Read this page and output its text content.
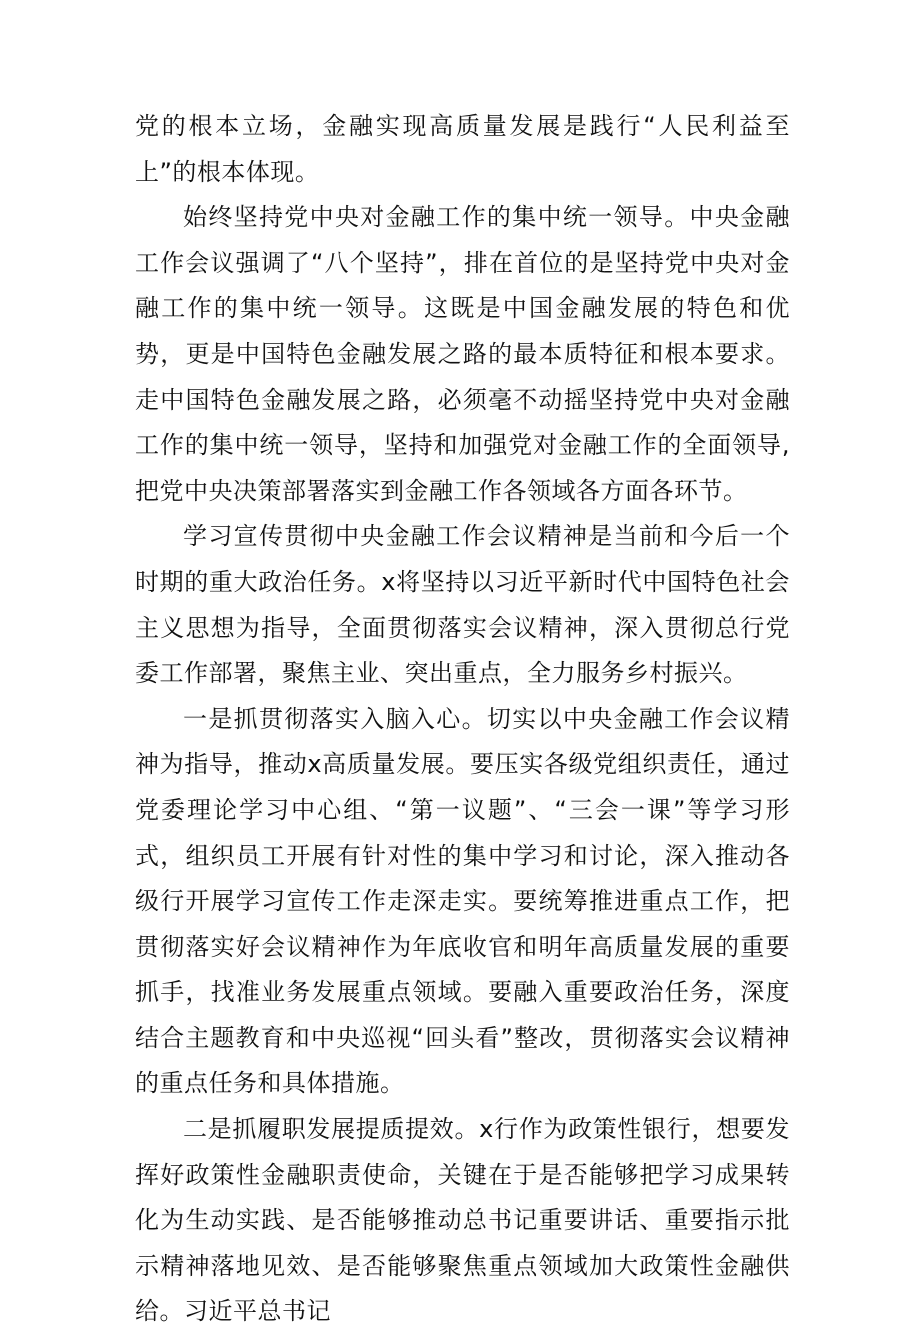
党的根本立场，金融实现高质量发展是践行“人民利益至上”的根本体现。

始终坚持党中央对金融工作的集中统一领导。中央金融工作会议强调了“八个坚持”，排在首位的是坚持党中央对金融工作的集中统一领导。这既是中国金融发展的特色和优势，更是中国特色金融发展之路的最本质特征和根本要求。走中国特色金融发展之路，必须毫不动摇坚持党中央对金融工作的集中统一领导，坚持和加强党对金融工作的全面领导,把党中央决策部署落实到金融工作各领域各方面各环节。

学习宣传贯彻中央金融工作会议精神是当前和今后一个时期的重大政治任务。x将坚持以习近平新时代中国特色社会主义思想为指导，全面贯彻落实会议精神，深入贯彻总行党委工作部署，聚焦主业、突出重点，全力服务乡村振兴。

一是抓贯彻落实入脑入心。切实以中央金融工作会议精神为指导，推动x高质量发展。要压实各级党组织责任，通过党委理论学习中心组、“第一议题”、“三会一课”等学习形式，组织员工开展有针对性的集中学习和讨论，深入推动各级行开展学习宣传工作走深走实。要统筹推进重点工作，把贯彻落实好会议精神作为年底收官和明年高质量发展的重要抓手，找准业务发展重点领域。要融入重要政治任务，深度结合主题教育和中央巡视“回头看”整改，贯彻落实会议精神的重点任务和具体措施。

二是抓履职发展提质提效。x行作为政策性银行，想要发挥好政策性金融职责使命，关键在于是否能够把学习成果转化为生动实践、是否能够推动总书记重要讲话、重要指示批示精神落地见效、是否能够聚焦重点领域加大政策性金融供给。习近平总书记
